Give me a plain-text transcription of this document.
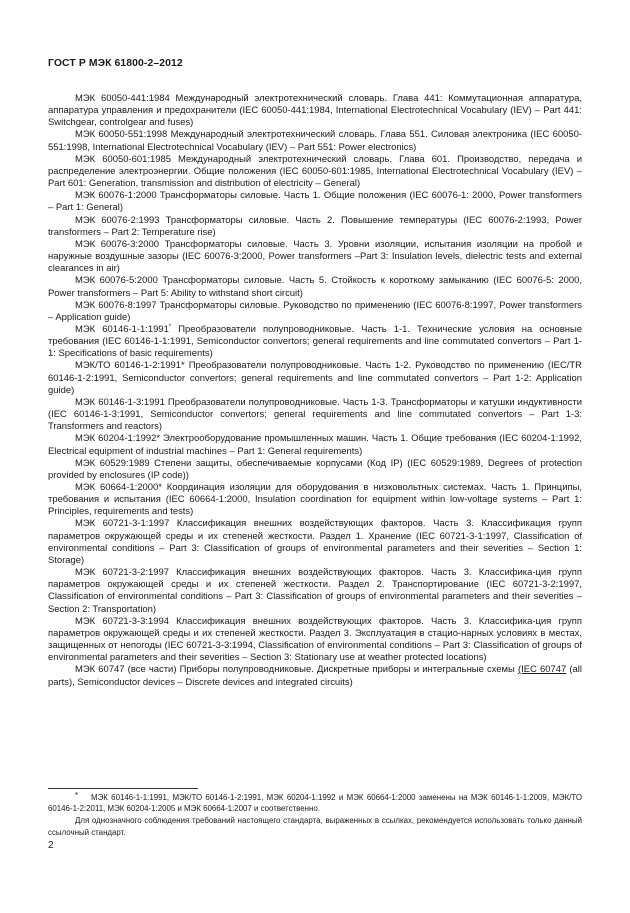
ГОСТ Р МЭК 61800-2–2012

МЭК 60050-441:1984 Международный электротехнический словарь. Глава 441: Коммутационная аппаратура, аппаратура управления и предохранители (IEC 60050-441:1984, International Electrotechnical Vocabulary (IEV) – Part 441: Switchgear, controlgear and fuses)

МЭК 60050-551:1998 Международный электротехнический словарь. Глава 551. Силовая электроника (IEC 60050-551:1998, International Electrotechnical Vocabulary (IEV) – Part 551: Power electronics)

МЭК 60050-601:1985 Международный электротехнический словарь. Глава 601. Производство, передача и распределение электроэнергии. Общие положения (IEC 60050-601:1985, International Electrotechnical Vocabulary (IEV) – Part 601: Generation, transmission and distribution of electricity – General)

МЭК 60076-1:2000 Трансформаторы силовые. Часть 1. Общие положения (IEC 60076-1: 2000, Power transformers – Part 1: General)

МЭК 60076-2:1993 Трансформаторы силовые. Часть 2. Повышение температуры (IEC 60076-2:1993, Power transformers – Part 2: Temperature rise)

МЭК 60076-3:2000 Трансформаторы силовые. Часть 3. Уровни изоляции, испытания изоляции на пробой и наружные воздушные зазоры (IEC 60076-3:2000, Power transformers –Part 3: Insulation levels, dielectric tests and external clearances in air)

МЭК 60076-5:2000 Трансформаторы силовые. Часть 5. Стойкость к короткому замыканию (IEC 60076-5: 2000, Power transformers – Part 5: Ability to withstand short circuit)

МЭК 60076-8:1997 Трансформаторы силовые. Руководство по применению (IEC 60076-8:1997, Power transformers – Application guide)

МЭК 60146-1-1:1991* Преобразователи полупроводниковые. Часть 1-1. Технические условия на основные требования (IEC 60146-1-1:1991, Semiconductor convertors; general requirements and line commutated convertors – Part 1-1: Specifications of basic requirements)

МЭК/ТО 60146-1-2:1991* Преобразователи полупроводниковые. Часть 1-2. Руководство по применению (IEC/TR 60146-1-2:1991, Semiconductor convertors; general requirements and line commutated convertors – Part 1-2: Application guide)

МЭК 60146-1-3:1991 Преобразователи полупроводниковые. Часть 1-3. Трансформаторы и катушки индуктивности (IEC 60146-1-3:1991, Semiconductor convertors; general requirements and line commutated convertors – Part 1-3: Transformers and reactors)

МЭК 60204-1:1992* Электрооборудование промышленных машин. Часть 1. Общие требования (IEC 60204-1:1992, Electrical equipment of industrial machines – Part 1: General requirements)

МЭК 60529:1989 Степени защиты, обеспечиваемые корпусами (Код IP) (IEC 60529:1989, Degrees of protection provided by enclosures (IP code))

МЭК 60664-1:2000* Координация изоляции для оборудования в низковольтных системах. Часть 1. Принципы, требования и испытания (IEC 60664-1:2000, Insulation coordination for equipment within low-voltage systems – Part 1: Principles, requirements and tests)

МЭК 60721-3-1:1997 Классификация внешних воздействующих факторов. Часть 3. Классификация групп параметров окружающей среды и их степеней жесткости. Раздел 1. Хранение (IEC 60721-3-1:1997, Classification of environmental conditions – Part 3: Classification of groups of environmental parameters and their severities – Section 1: Storage)

МЭК 60721-3-2:1997 Классификация внешних воздействующих факторов. Часть 3. Классифика-ция групп параметров окружающей среды и их степеней жесткости. Раздел 2. Транспортирование (IEC 60721-3-2:1997, Classification of environmental conditions – Part 3: Classification of groups of environmental parameters and their severities – Section 2: Transportation)

МЭК 60721-3-3:1994 Классификация внешних воздействующих факторов. Часть 3. Классифика-ция групп параметров окружающей среды и их степеней жесткости. Раздел 3. Эксплуатация в стацио-нарных условиях в местах, защищенных от непогоды (IEC 60721-3-3:1994, Classification of environmental conditions – Part 3: Classification of groups of environmental parameters and their severities – Section 3: Stationary use at weather protected locations)

МЭК 60747 (все части) Приборы полупроводниковые. Дискретные приборы и интегральные схемы (IEC 60747 (all parts), Semiconductor devices – Discrete devices and integrated circuits)

* МЭК 60146-1-1:1991, МЭК/ТО 60146-1-2:1991, МЭК 60204-1:1992 и МЭК 60664-1:2000 заменены на МЭК 60146-1-1:2009, МЭК/ТО 60146-1-2:2011, МЭК 60204-1:2005 и МЭК 60664-1:2007 и соответственно.

Для однозначного соблюдения требований настоящего стандарта, выраженных в ссылках, рекомендуется использовать только данный ссылочный стандарт.

2
